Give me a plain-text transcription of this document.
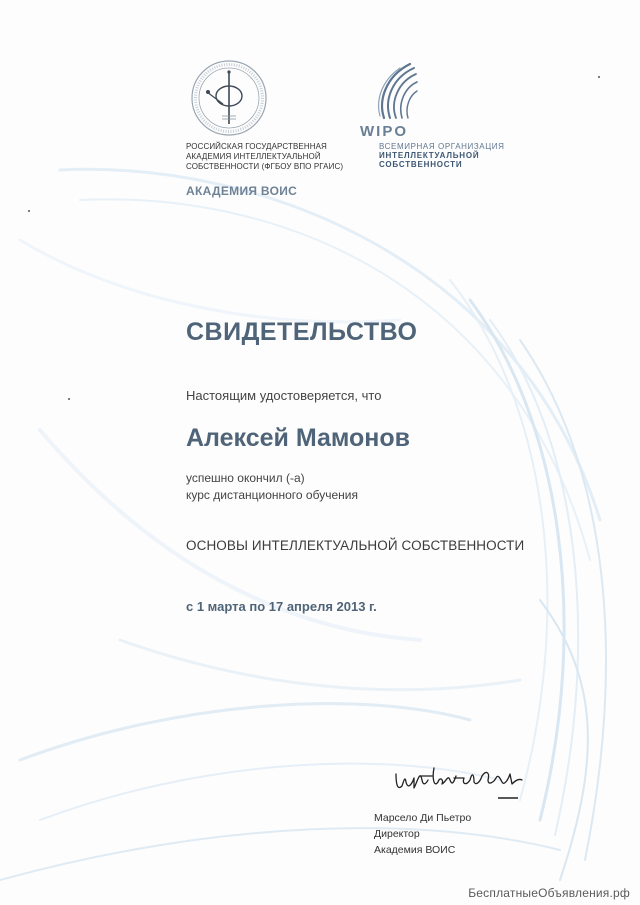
РОССИЙСКАЯ ГОСУДАРСТВЕННАЯ
АКАДЕМИЯ ИНТЕЛЛЕКТУАЛЬНОЙ
СОБСТВЕННОСТИ (ФГБОУ ВПО РГАИС)
WIPO
ВСЕМИРНАЯ ОРГАНИЗАЦИЯ
ИНТЕЛЛЕКТУАЛЬНОЙ
СОБСТВЕННОСТИ
АКАДЕМИЯ ВОИС
СВИДЕТЕЛЬСТВО
Настоящим удостоверяется, что
Алексей Мамонов
успешно окончил (-а)
курс дистанционного обучения
ОСНОВЫ ИНТЕЛЛЕКТУАЛЬНОЙ СОБСТВЕННОСТИ
с 1 марта по 17 апреля 2013 г.
Марсело Ди Пьетро
Директор
Академия ВОИС
БесплатныеОбъявления.рф
